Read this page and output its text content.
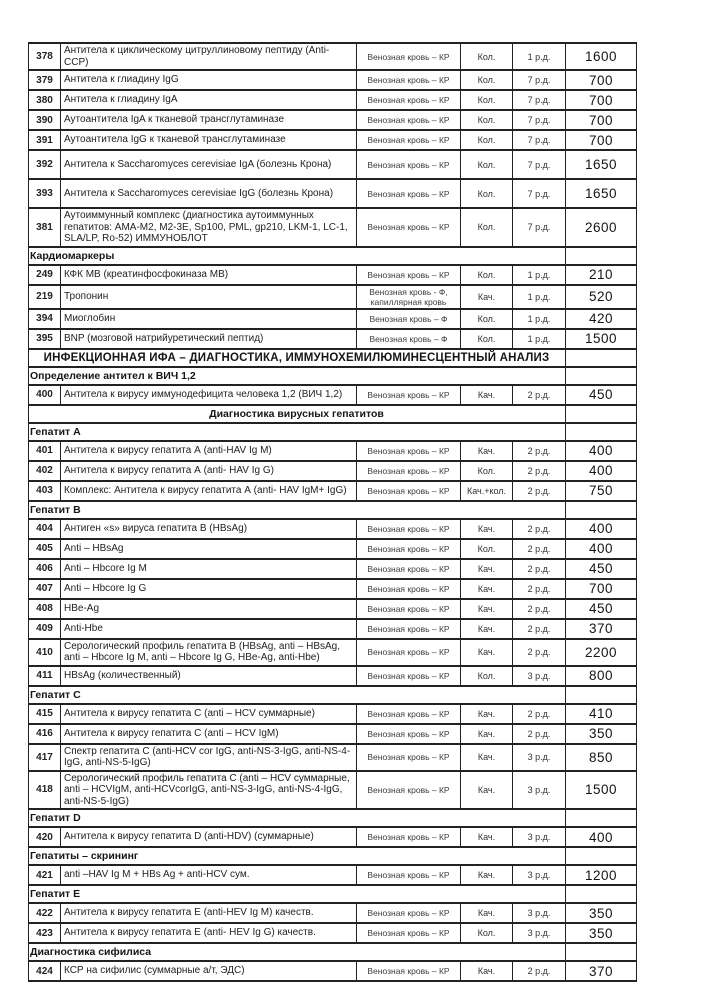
378	Антитела к циклическому цитруллиновому пептиду (Anti-CCP)	Венозная кровь – КР	Кол.	1 р.д.	1600
379	Антитела к глиадину IgG	Венозная кровь – КР	Кол.	7 р.д.	700
380	Антитела к глиадину IgA	Венозная кровь – КР	Кол.	7 р.д.	700
390	Аутоантитела IgA к тканевой трансглутаминазе	Венозная кровь – КР	Кол.	7 р.д.	700
391	Аутоантитела IgG к тканевой трансглутаминазе	Венозная кровь – КР	Кол.	7 р.д.	700
392	Антитела к Saccharomyces cerevisiae IgA (болезнь Крона)	Венозная кровь – КР	Кол.	7 р.д.	1650
393	Антитела к Saccharomyces cerevisiae IgG (болезнь Крона)	Венозная кровь – КР	Кол.	7 р.д.	1650
381	Аутоиммунный комплекс (диагностика аутоиммунных гепатитов: AMA-M2, M2-3E, Sp100, PML, gp210, LKM-1, LC-1, SLA/LP, Ro-52) ИММУНОБЛОТ	Венозная кровь – КР	Кол.	7 р.д.	2600
Кардиомаркеры					
249	КФК МВ (креатинфосфокиназа МВ)	Венозная кровь – КР	Кол.	1 р.д.	210
219	Тропонин	Венозная кровь - Ф, капиллярная кровь	Кач.	1 р.д.	520
394	Миоглобин	Венозная кровь – Ф	Кол.	1 р.д.	420
395	BNP (мозговой натрийуретический пептид)	Венозная кровь – Ф	Кол.	1 р.д.	1500
ИНФЕКЦИОННАЯ ИФА – ДИАГНОСТИКА, ИММУНОХЕМИЛЮМИНЕСЦЕНТНЫЙ АНАЛИЗ					
Определение антител к ВИЧ 1,2					
400	Антитела к вирусу иммунодефицита человека 1,2 (ВИЧ 1,2)	Венозная кровь – КР	Кач.	2 р.д.	450
Диагностика вирусных гепатитов					
Гепатит А					
401	Антитела к вирусу гепатита А (anti-HAV Ig M)	Венозная кровь – КР	Кач.	2 р.д.	400
402	Антитела к вирусу гепатита А (anti- HAV Ig G)	Венозная кровь – КР	Кол.	2 р.д.	400
403	Комплекс: Антитела к вирусу гепатита А (anti- HAV IgM+ IgG)	Венозная кровь – КР	Кач.+кол.	2 р.д.	750
Гепатит В					
404	Антиген «s» вируса гепатита В (HBsAg)	Венозная кровь – КР	Кач.	2 р.д.	400
405	Anti – HBsAg	Венозная кровь – КР	Кол.	2 р.д.	400
406	Anti – Hbcore Ig M	Венозная кровь – КР	Кач.	2 р.д.	450
407	Anti – Hbcore Ig G	Венозная кровь – КР	Кач.	2 р.д.	700
408	HBe-Ag	Венозная кровь – КР	Кач.	2 р.д.	450
409	Anti-Hbe	Венозная кровь – КР	Кач.	2 р.д.	370
410	Серологический профиль гепатита В (HBsAg, anti – HBsAg, anti – Hbcore Ig M, anti – Hbcore Ig G, HBe-Ag, anti-Hbe)	Венозная кровь – КР	Кач.	2 р.д.	2200
411	HBsAg (количественный)	Венозная кровь – КР	Кол.	3 р.д.	800
Гепатит С					
415	Антитела к вирусу гепатита С (anti – HCV суммарные)	Венозная кровь – КР	Кач.	2 р.д.	410
416	Антитела к вирусу гепатита С (anti – HCV IgM)	Венозная кровь – КР	Кач.	2 р.д.	350
417	Спектр гепатита С (anti-HCV cor IgG, anti-NS-3-IgG, anti-NS-4-IgG, anti-NS-5-IgG)	Венозная кровь – КР	Кач.	3 р.д.	850
418	Серологический профиль гепатита С (anti – HCV суммарные, anti – HCVIgM, anti-HCVcorIgG, anti-NS-3-IgG, anti-NS-4-IgG, anti-NS-5-IgG)	Венозная кровь – КР	Кач.	3 р.д.	1500
Гепатит D					
420	Антитела к вирусу гепатита D (anti-HDV) (суммарные)	Венозная кровь – КР	Кач.	3 р.д.	400
Гепатиты – скрининг					
421	anti –HAV Ig M + HBs Ag + anti-HCV сум.	Венозная кровь – КР	Кач.	3 р.д.	1200
Гепатит Е					
422	Антитела к вирусу гепатита Е (anti-HEV Ig M) качеств.	Венозная кровь – КР	Кач.	3 р.д.	350
423	Антитела к вирусу гепатита Е (anti- HEV Ig G) качеств.	Венозная кровь – КР	Кол.	3 р.д.	350
Диагностика сифилиса					
424	КСР на сифилис (суммарные а/т, ЭДС)	Венозная кровь – КР	Кач.	2 р.д.	370
